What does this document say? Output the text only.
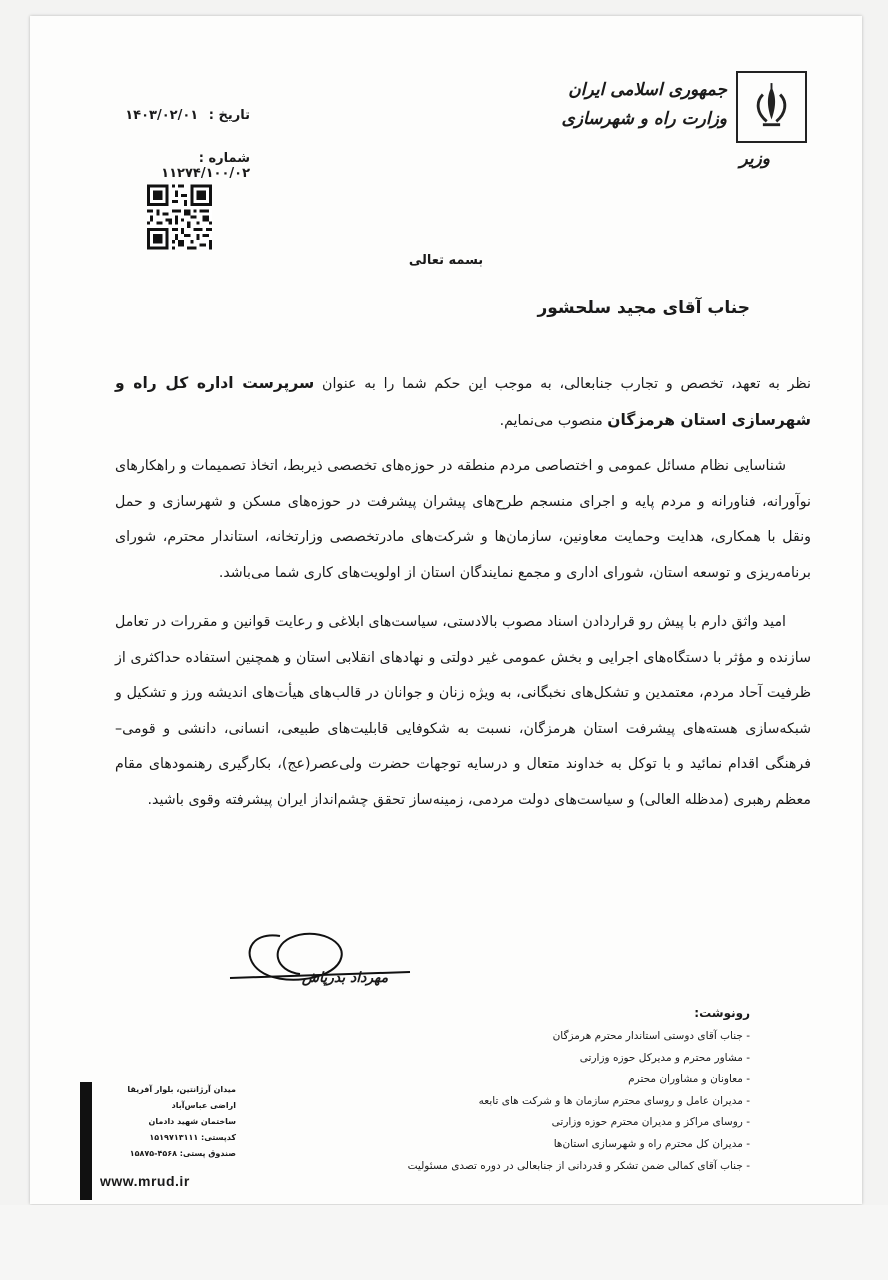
جمهوری اسلامی ایران
وزارت راه و شهرسازی
وزیر
تاریخ : ۱۴۰۳/۰۲/۰۱
شماره : ۱۱۲۷۴/۱۰۰/۰۲
بسمه تعالی
جناب آقای مجید سلحشور

نظر به تعهد، تخصص و تجارب جنابعالی، به موجب این حکم شما را به عنوان سرپرست اداره کل راه و شهرسازی استان هرمزگان منصوب می‌نمایم.

شناسایی نظام مسائل عمومی و اختصاصی مردم منطقه در حوزه‌های تخصصی ذیربط، اتخاذ تصمیمات و راهکارهای نوآورانه، فناورانه و مردم پایه و اجرای منسجم طرح‌های پیشران پیشرفت در حوزه‌های مسکن و شهرسازی و حمل ونقل با همکاری، هدایت وحمایت معاونین، سازمان‌ها و شرکت‌های مادرتخصصی وزارتخانه، استاندار محترم، شورای برنامه‌ریزی و توسعه استان، شورای اداری و مجمع نمایندگان استان از اولویت‌های کاری شما می‌باشد.

امید واثق دارم با پیش رو قراردادن اسناد مصوب بالادستی، سیاست‌های ابلاغی و رعایت قوانین و مقررات در تعامل سازنده و مؤثر با دستگاه‌های اجرایی و بخش عمومی غیر دولتی و نهادهای انقلابی استان و همچنین استفاده حداکثری از ظرفیت آحاد مردم، معتمدین و تشکل‌های نخبگانی، به ویژه زنان و جوانان در قالب‌های هیأت‌های اندیشه ورز و تشکیل و شبکه‌سازی هسته‌های پیشرفت استان هرمزگان، نسبت به شکوفایی قابلیت‌های طبیعی، انسانی، دانشی و قومی– فرهنگی اقدام نمائید و با توکل به خداوند متعال و درسایه توجهات حضرت ولی‌عصر(عج)، بکارگیری رهنمودهای مقام معظم رهبری (مدظله العالی) و سیاست‌های دولت مردمی، زمینه‌ساز تحقق چشم‌انداز ایران پیشرفته وقوی باشید.

مهرداد بذرپاش
رونوشت:
- جناب آقای دوستی استاندار محترم هرمزگان
- مشاور محترم و مدیرکل حوزه وزارتی
- معاونان و مشاوران محترم
- مدیران عامل و روسای محترم سازمان ها و شرکت های تابعه
- روسای مراکز و مدیران محترم حوزه وزارتی
- مدیران کل محترم راه و شهرسازی استان‌ها
- جناب آقای کمالی ضمن تشکر و قدردانی از جنابعالی در دوره تصدی مسئولیت
میدان آرژانتین، بلوار آفریقا
اراضی عباس‌آباد
ساختمان شهید دادمان
کدپستی: ۱۵۱۹۷۱۳۱۱۱
صندوق پستی: ۴۵۶۸-۱۵۸۷۵
www.mrud.ir
